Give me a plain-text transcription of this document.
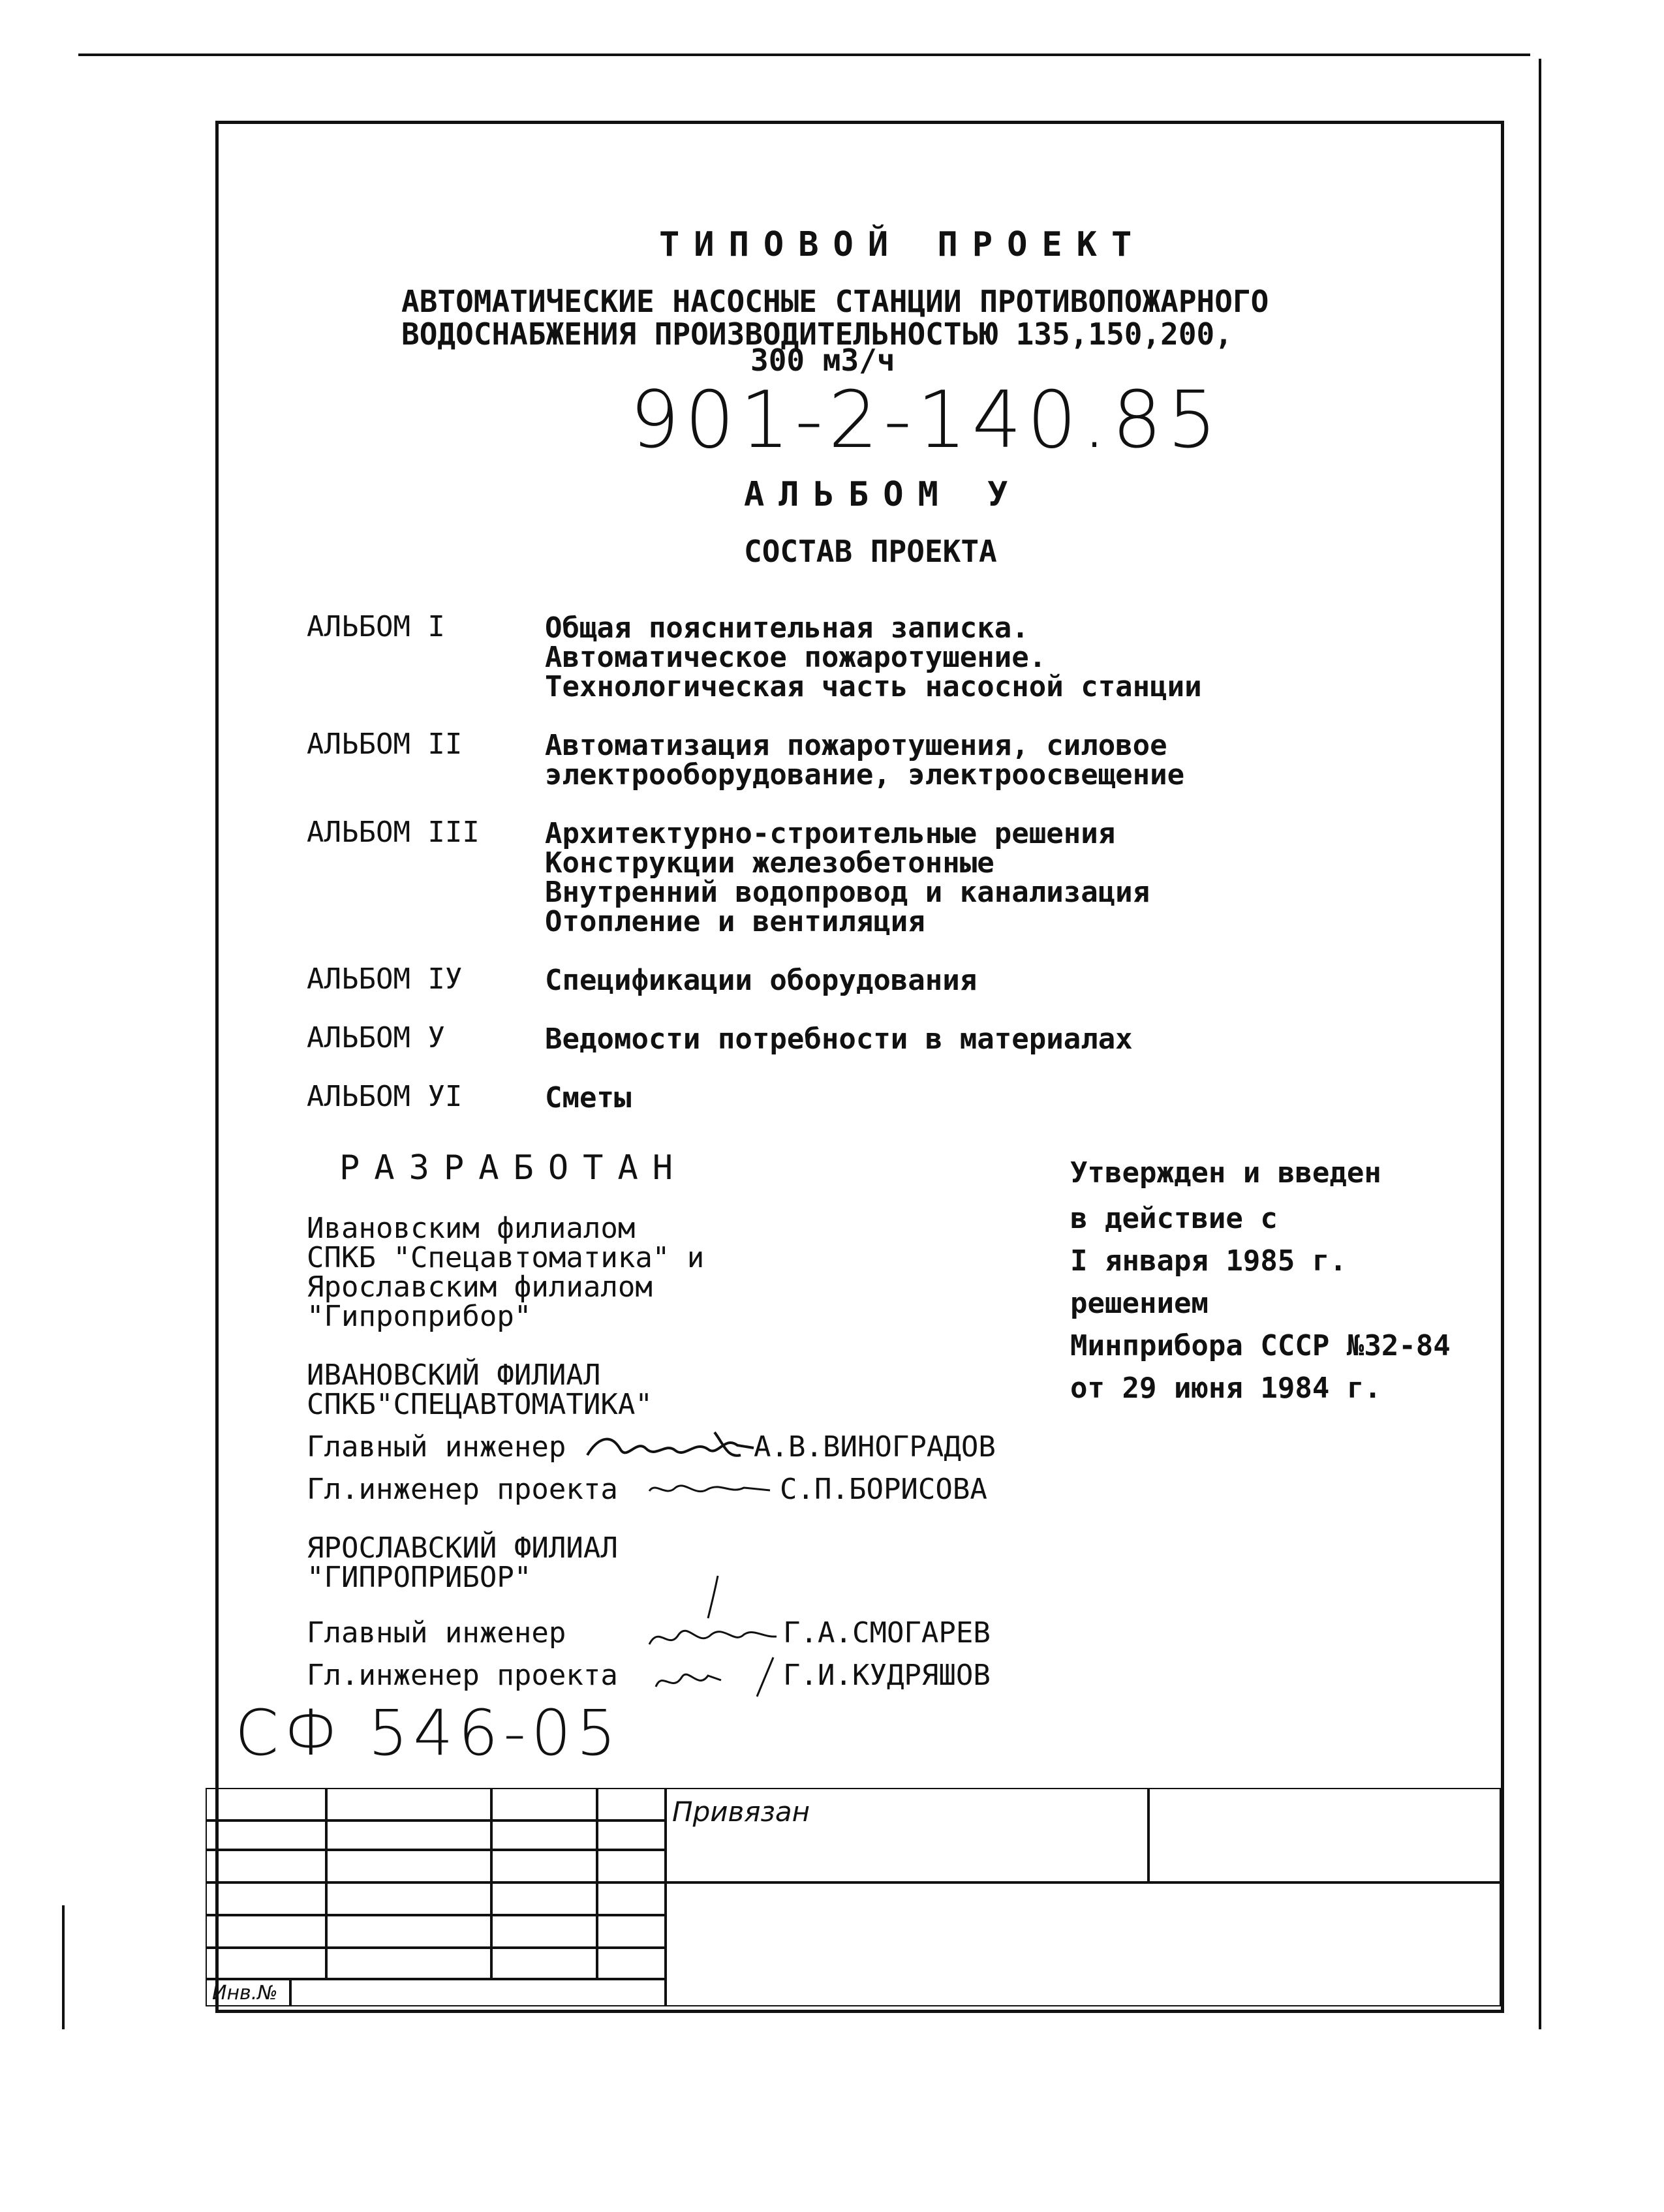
ТИПОВОЙ ПРОЕКТ
АВТОМАТИЧЕСКИЕ НАСОСНЫЕ СТАНЦИИ ПРОТИВОПОЖАРНОГО
ВОДОСНАБЖЕНИЯ ПРОИЗВОДИТЕЛЬНОСТЬЮ 135,150,200,
300 м3/ч
901-2-140.85
АЛЬБОМ У
СОСТАВ ПРОЕКТА
АЛЬБОМ I	Общая пояснительная записка.
Автоматическое пожаротушение.
Технологическая часть насосной станции
АЛЬБОМ II	Автоматизация пожаротушения, силовое
электрооборудование, электроосвещение
АЛЬБОМ III Архитектурно-строительные решения
Конструкции железобетонные
Внутренний водопровод и канализация
Отопление и вентиляция
АЛЬБОМ IУ	Спецификации оборудования
АЛЬБОМ У	Ведомости потребности в материалах
АЛЬБОМ УI	Сметы
РАЗРАБОТАН
Ивановским филиалом
СПКБ "Спецавтоматика" и
Ярославским филиалом
"Гипроприбор"
ИВАНОВСКИЙ ФИЛИАЛ
СПКБ"СПЕЦАВТОМАТИКА"
Главный инженер	А.В.ВИНОГРАДОВ
Гл.инженер проекта	С.П.БОРИСОВА
ЯРОСЛАВСКИЙ ФИЛИАЛ
"ГИПРОПРИБОР"
Главный инженер	Г.А.СМОГАРЕВ
Гл.инженер проекта	Г.И.КУДРЯШОВ
Утвержден и введен
в действие с
I января 1985 г.
решением
Минприбора СССР №32-84
от 29 июня 1984 г.
СФ 546-05
Привязан
Инв.№
